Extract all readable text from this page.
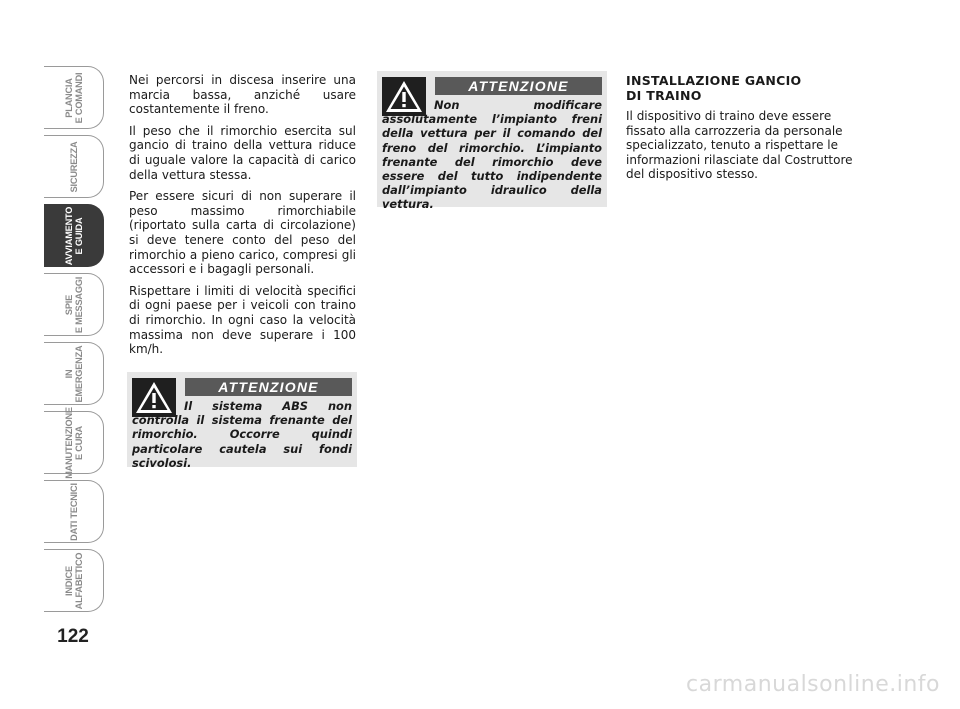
PLANCIA
E COMANDI
SICUREZZA
AVVIAMENTO
E GUIDA
SPIE
E MESSAGGI
IN
EMERGENZA
MANUTENZIONE
E CURA
DATI TECNICI
INDICE
ALFABETICO
122

Nei percorsi in discesa inserire una marcia bassa, anziché usare costantemente il freno.

Il peso che il rimorchio esercita sul gancio di traino della vettura riduce di uguale valore la capacità di carico della vettura stessa.

Per essere sicuri di non superare il peso massimo rimorchiabile (riportato sulla carta di circolazione) si deve tenere conto del peso del rimorchio a pieno carico, compresi gli accessori e i bagagli personali.

Rispettare i limiti di velocità specifici di ogni paese per i veicoli con traino di rimorchio. In ogni caso la velocità massima non deve superare i 100 km/h.

ATTENZIONE
Non modificare assolutamente l’impianto freni della vettura per il comando del freno del rimorchio. L’impianto frenante del rimorchio deve essere del tutto indipendente dall’impianto idraulico della vettura.
ATTENZIONE
Il sistema ABS non controlla il sistema frenante del rimorchio. Occorre quindi particolare cautela sui fondi scivolosi.
INSTALLAZIONE GANCIO
DI TRAINO

Il dispositivo di traino deve essere fissato alla carrozzeria da personale specializzato, tenuto a rispettare le informazioni rilasciate dal Costruttore del dispositivo stesso.

carmanualsonline.info
